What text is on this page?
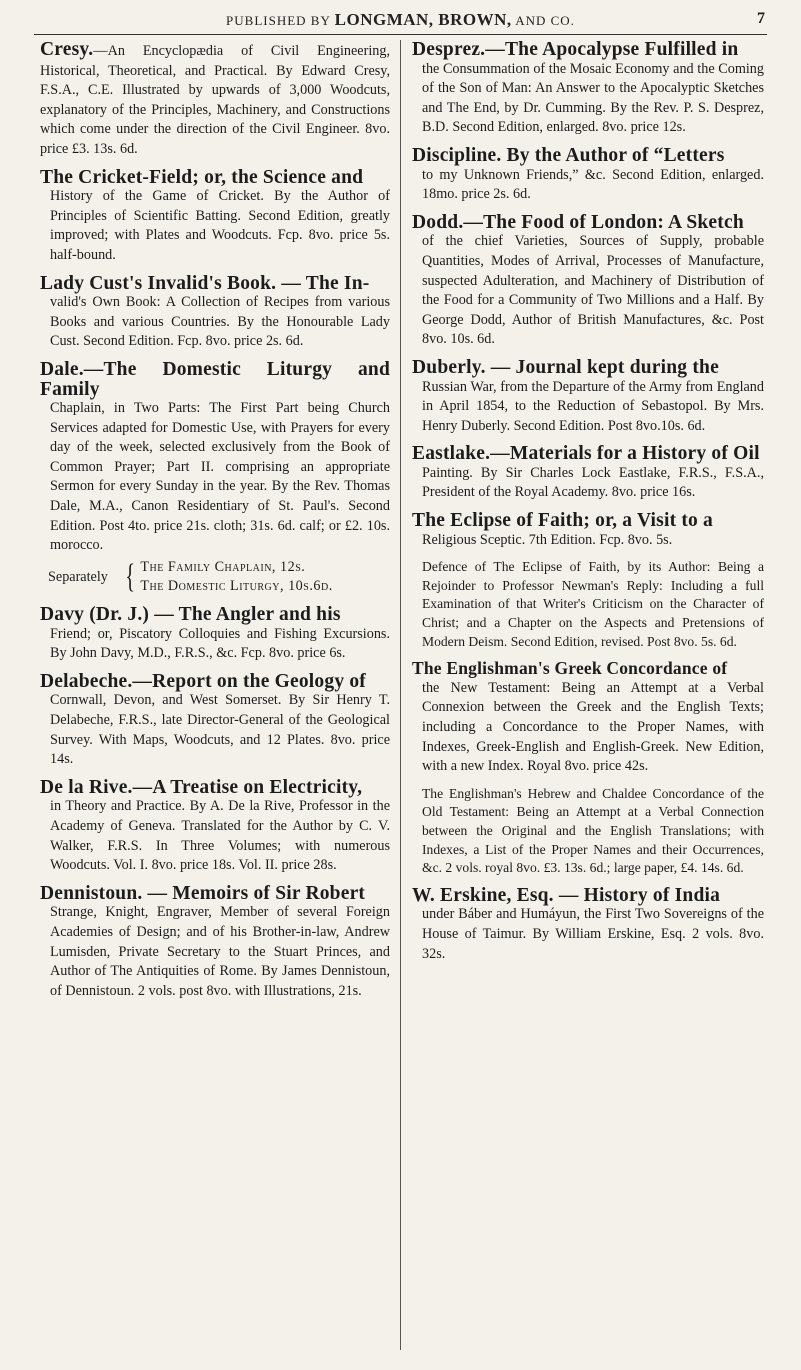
PUBLISHED BY LONGMAN, BROWN, AND CO.	7
Cresy.—An Encyclopædia of Civil Engineering, Historical, Theoretical, and Practical. By Edward Cresy, F.S.A., C.E. Illustrated by upwards of 3,000 Woodcuts, explanatory of the Principles, Machinery, and Constructions which come under the direction of the Civil Engineer. 8vo. price £3. 13s. 6d.
The Cricket-Field; or, the Science and
History of the Game of Cricket. By the Author of Principles of Scientific Batting. Second Edition, greatly improved; with Plates and Woodcuts. Fcp. 8vo. price 5s. half-bound.
Lady Cust's Invalid's Book. — The In-
valid's Own Book: A Collection of Recipes from various Books and various Countries. By the Honourable Lady Cust. Second Edition. Fcp. 8vo. price 2s. 6d.
Dale.—The Domestic Liturgy and Family
Chaplain, in Two Parts: The First Part being Church Services adapted for Domestic Use, with Prayers for every day of the week, selected exclusively from the Book of Common Prayer; Part II. comprising an appropriate Sermon for every Sunday in the year. By the Rev. Thomas Dale, M.A., Canon Residentiary of St. Paul's. Second Edition. Post 4to. price 21s. cloth; 31s. 6d. calf; or £2. 10s. morocco.
Separately { The Family Chaplain, 12s.
The Domestic Liturgy, 10s.6d.
Davy (Dr. J.) — The Angler and his
Friend; or, Piscatory Colloquies and Fishing Excursions. By John Davy, M.D., F.R.S., &c. Fcp. 8vo. price 6s.
Delabeche.—Report on the Geology of
Cornwall, Devon, and West Somerset. By Sir Henry T. Delabeche, F.R.S., late Director-General of the Geological Survey. With Maps, Woodcuts, and 12 Plates. 8vo. price 14s.
De la Rive.—A Treatise on Electricity,
in Theory and Practice. By A. De la Rive, Professor in the Academy of Geneva. Translated for the Author by C. V. Walker, F.R.S. In Three Volumes; with numerous Woodcuts. Vol. I. 8vo. price 18s. Vol. II. price 28s.
Dennistoun. — Memoirs of Sir Robert
Strange, Knight, Engraver, Member of several Foreign Academies of Design; and of his Brother-in-law, Andrew Lumisden, Private Secretary to the Stuart Princes, and Author of The Antiquities of Rome. By James Dennistoun, of Dennistoun. 2 vols. post 8vo. with Illustrations, 21s.
Desprez.—The Apocalypse Fulfilled in
the Consummation of the Mosaic Economy and the Coming of the Son of Man: An Answer to the Apocalyptic Sketches and The End, by Dr. Cumming. By the Rev. P. S. Desprez, B.D. Second Edition, enlarged. 8vo. price 12s.
Discipline. By the Author of “Letters
to my Unknown Friends,” &c. Second Edition, enlarged. 18mo. price 2s. 6d.
Dodd.—The Food of London: A Sketch
of the chief Varieties, Sources of Supply, probable Quantities, Modes of Arrival, Processes of Manufacture, suspected Adulteration, and Machinery of Distribution of the Food for a Community of Two Millions and a Half. By George Dodd, Author of British Manufactures, &c. Post 8vo. 10s. 6d.
Duberly. — Journal kept during the
Russian War, from the Departure of the Army from England in April 1854, to the Reduction of Sebastopol. By Mrs. Henry Duberly. Second Edition. Post 8vo.10s. 6d.
Eastlake.—Materials for a History of Oil
Painting. By Sir Charles Lock Eastlake, F.R.S., F.S.A., President of the Royal Academy. 8vo. price 16s.
The Eclipse of Faith; or, a Visit to a
Religious Sceptic. 7th Edition. Fcp. 8vo. 5s.
Defence of The Eclipse of Faith, by its Author: Being a Rejoinder to Professor Newman's Reply: Including a full Examination of that Writer's Criticism on the Character of Christ; and a Chapter on the Aspects and Pretensions of Modern Deism. Second Edition, revised. Post 8vo. 5s. 6d.
The Englishman's Greek Concordance of
the New Testament: Being an Attempt at a Verbal Connexion between the Greek and the English Texts; including a Concordance to the Proper Names, with Indexes, Greek-English and English-Greek. New Edition, with a new Index. Royal 8vo. price 42s.
The Englishman's Hebrew and Chaldee Concordance of the Old Testament: Being an Attempt at a Verbal Connection between the Original and the English Translations; with Indexes, a List of the Proper Names and their Occurrences, &c. 2 vols. royal 8vo. £3. 13s. 6d.; large paper, £4. 14s. 6d.
W. Erskine, Esq. — History of India
under Báber and Humáyun, the First Two Sovereigns of the House of Taimur. By William Erskine, Esq. 2 vols. 8vo. 32s.
